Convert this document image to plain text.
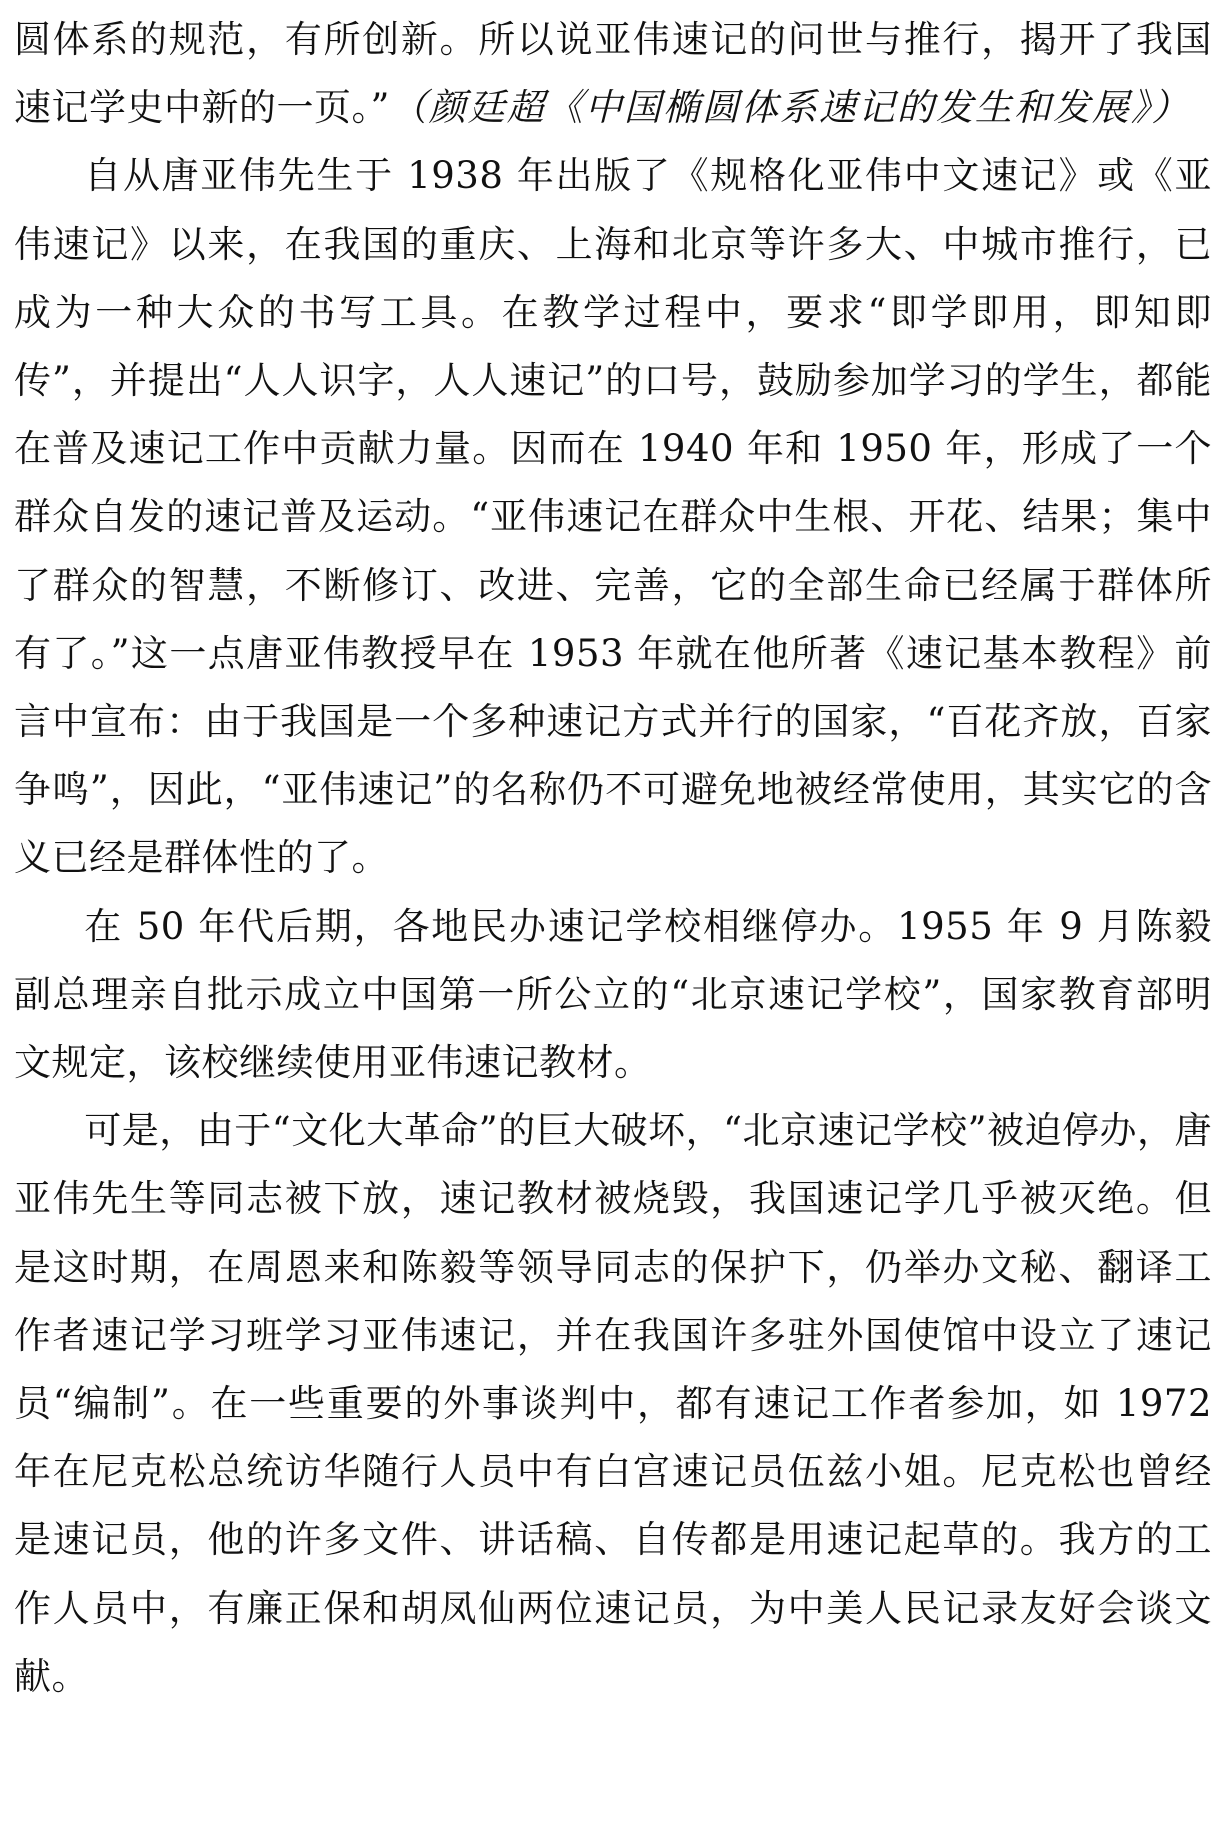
圆体系的规范，有所创新。所以说亚伟速记的问世与推行，揭开了我国速记学史中新的一页。”（颜廷超《中国椭圆体系速记的发生和发展》）

自从唐亚伟先生于 1938 年出版了《规格化亚伟中文速记》或《亚伟速记》以来，在我国的重庆、上海和北京等许多大、中城市推行，已成为一种大众的书写工具。在教学过程中，要求“即学即用，即知即传”，并提出“人人识字，人人速记”的口号，鼓励参加学习的学生，都能在普及速记工作中贡献力量。因而在 1940 年和 1950 年，形成了一个群众自发的速记普及运动。“亚伟速记在群众中生根、开花、结果；集中了群众的智慧，不断修订、改进、完善，它的全部生命已经属于群体所有了。”这一点唐亚伟教授早在 1953 年就在他所著《速记基本教程》前言中宣布：由于我国是一个多种速记方式并行的国家，“百花齐放，百家争鸣”，因此，“亚伟速记”的名称仍不可避免地被经常使用，其实它的含义已经是群体性的了。

在 50 年代后期，各地民办速记学校相继停办。1955 年 9 月陈毅副总理亲自批示成立中国第一所公立的“北京速记学校”，国家教育部明文规定，该校继续使用亚伟速记教材。

可是，由于“文化大革命”的巨大破坏，“北京速记学校”被迫停办，唐亚伟先生等同志被下放，速记教材被烧毁，我国速记学几乎被灭绝。但是这时期，在周恩来和陈毅等领导同志的保护下，仍举办文秘、翻译工作者速记学习班学习亚伟速记，并在我国许多驻外国使馆中设立了速记员“编制”。在一些重要的外事谈判中，都有速记工作者参加，如 1972 年在尼克松总统访华随行人员中有白宫速记员伍兹小姐。尼克松也曾经是速记员，他的许多文件、讲话稿、自传都是用速记起草的。我方的工作人员中，有廉正保和胡凤仙两位速记员，为中美人民记录友好会谈文献。
